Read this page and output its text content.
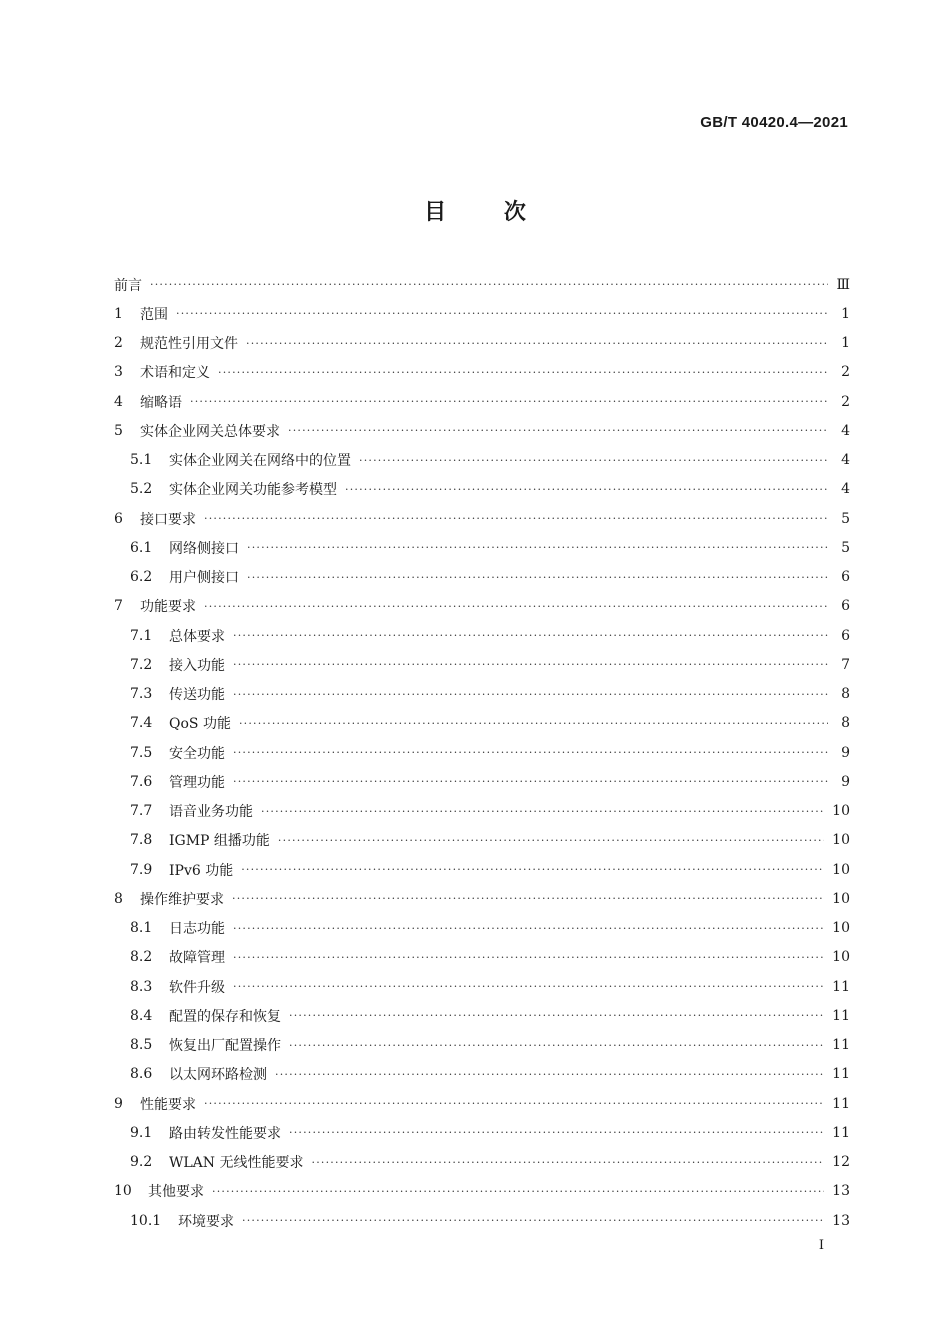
GB/T 40420.4—2021
目 次
前言 ·····	Ⅲ
1	范围 ·····	1
2	规范性引用文件 ·····	1
3	术语和定义 ·····	2
4	缩略语 ·····	2
5	实体企业网关总体要求 ·····	4
5.1	实体企业网关在网络中的位置 ·····	4
5.2	实体企业网关功能参考模型 ·····	4
6	接口要求 ·····	5
6.1	网络侧接口 ·····	5
6.2	用户侧接口 ·····	6
7	功能要求 ·····	6
7.1	总体要求 ·····	6
7.2	接入功能 ·····	7
7.3	传送功能 ·····	8
7.4	QoS 功能 ·····	8
7.5	安全功能 ·····	9
7.6	管理功能 ·····	9
7.7	语音业务功能 ·····	10
7.8	IGMP 组播功能 ·····	10
7.9	IPv6 功能 ·····	10
8	操作维护要求 ·····	10
8.1	日志功能 ·····	10
8.2	故障管理 ·····	10
8.3	软件升级 ·····	11
8.4	配置的保存和恢复 ·····	11
8.5	恢复出厂配置操作 ·····	11
8.6	以太网环路检测 ·····	11
9	性能要求 ·····	11
9.1	路由转发性能要求 ·····	11
9.2	WLAN 无线性能要求 ·····	12
10	其他要求 ·····	13
10.1	环境要求 ·····	13
I
